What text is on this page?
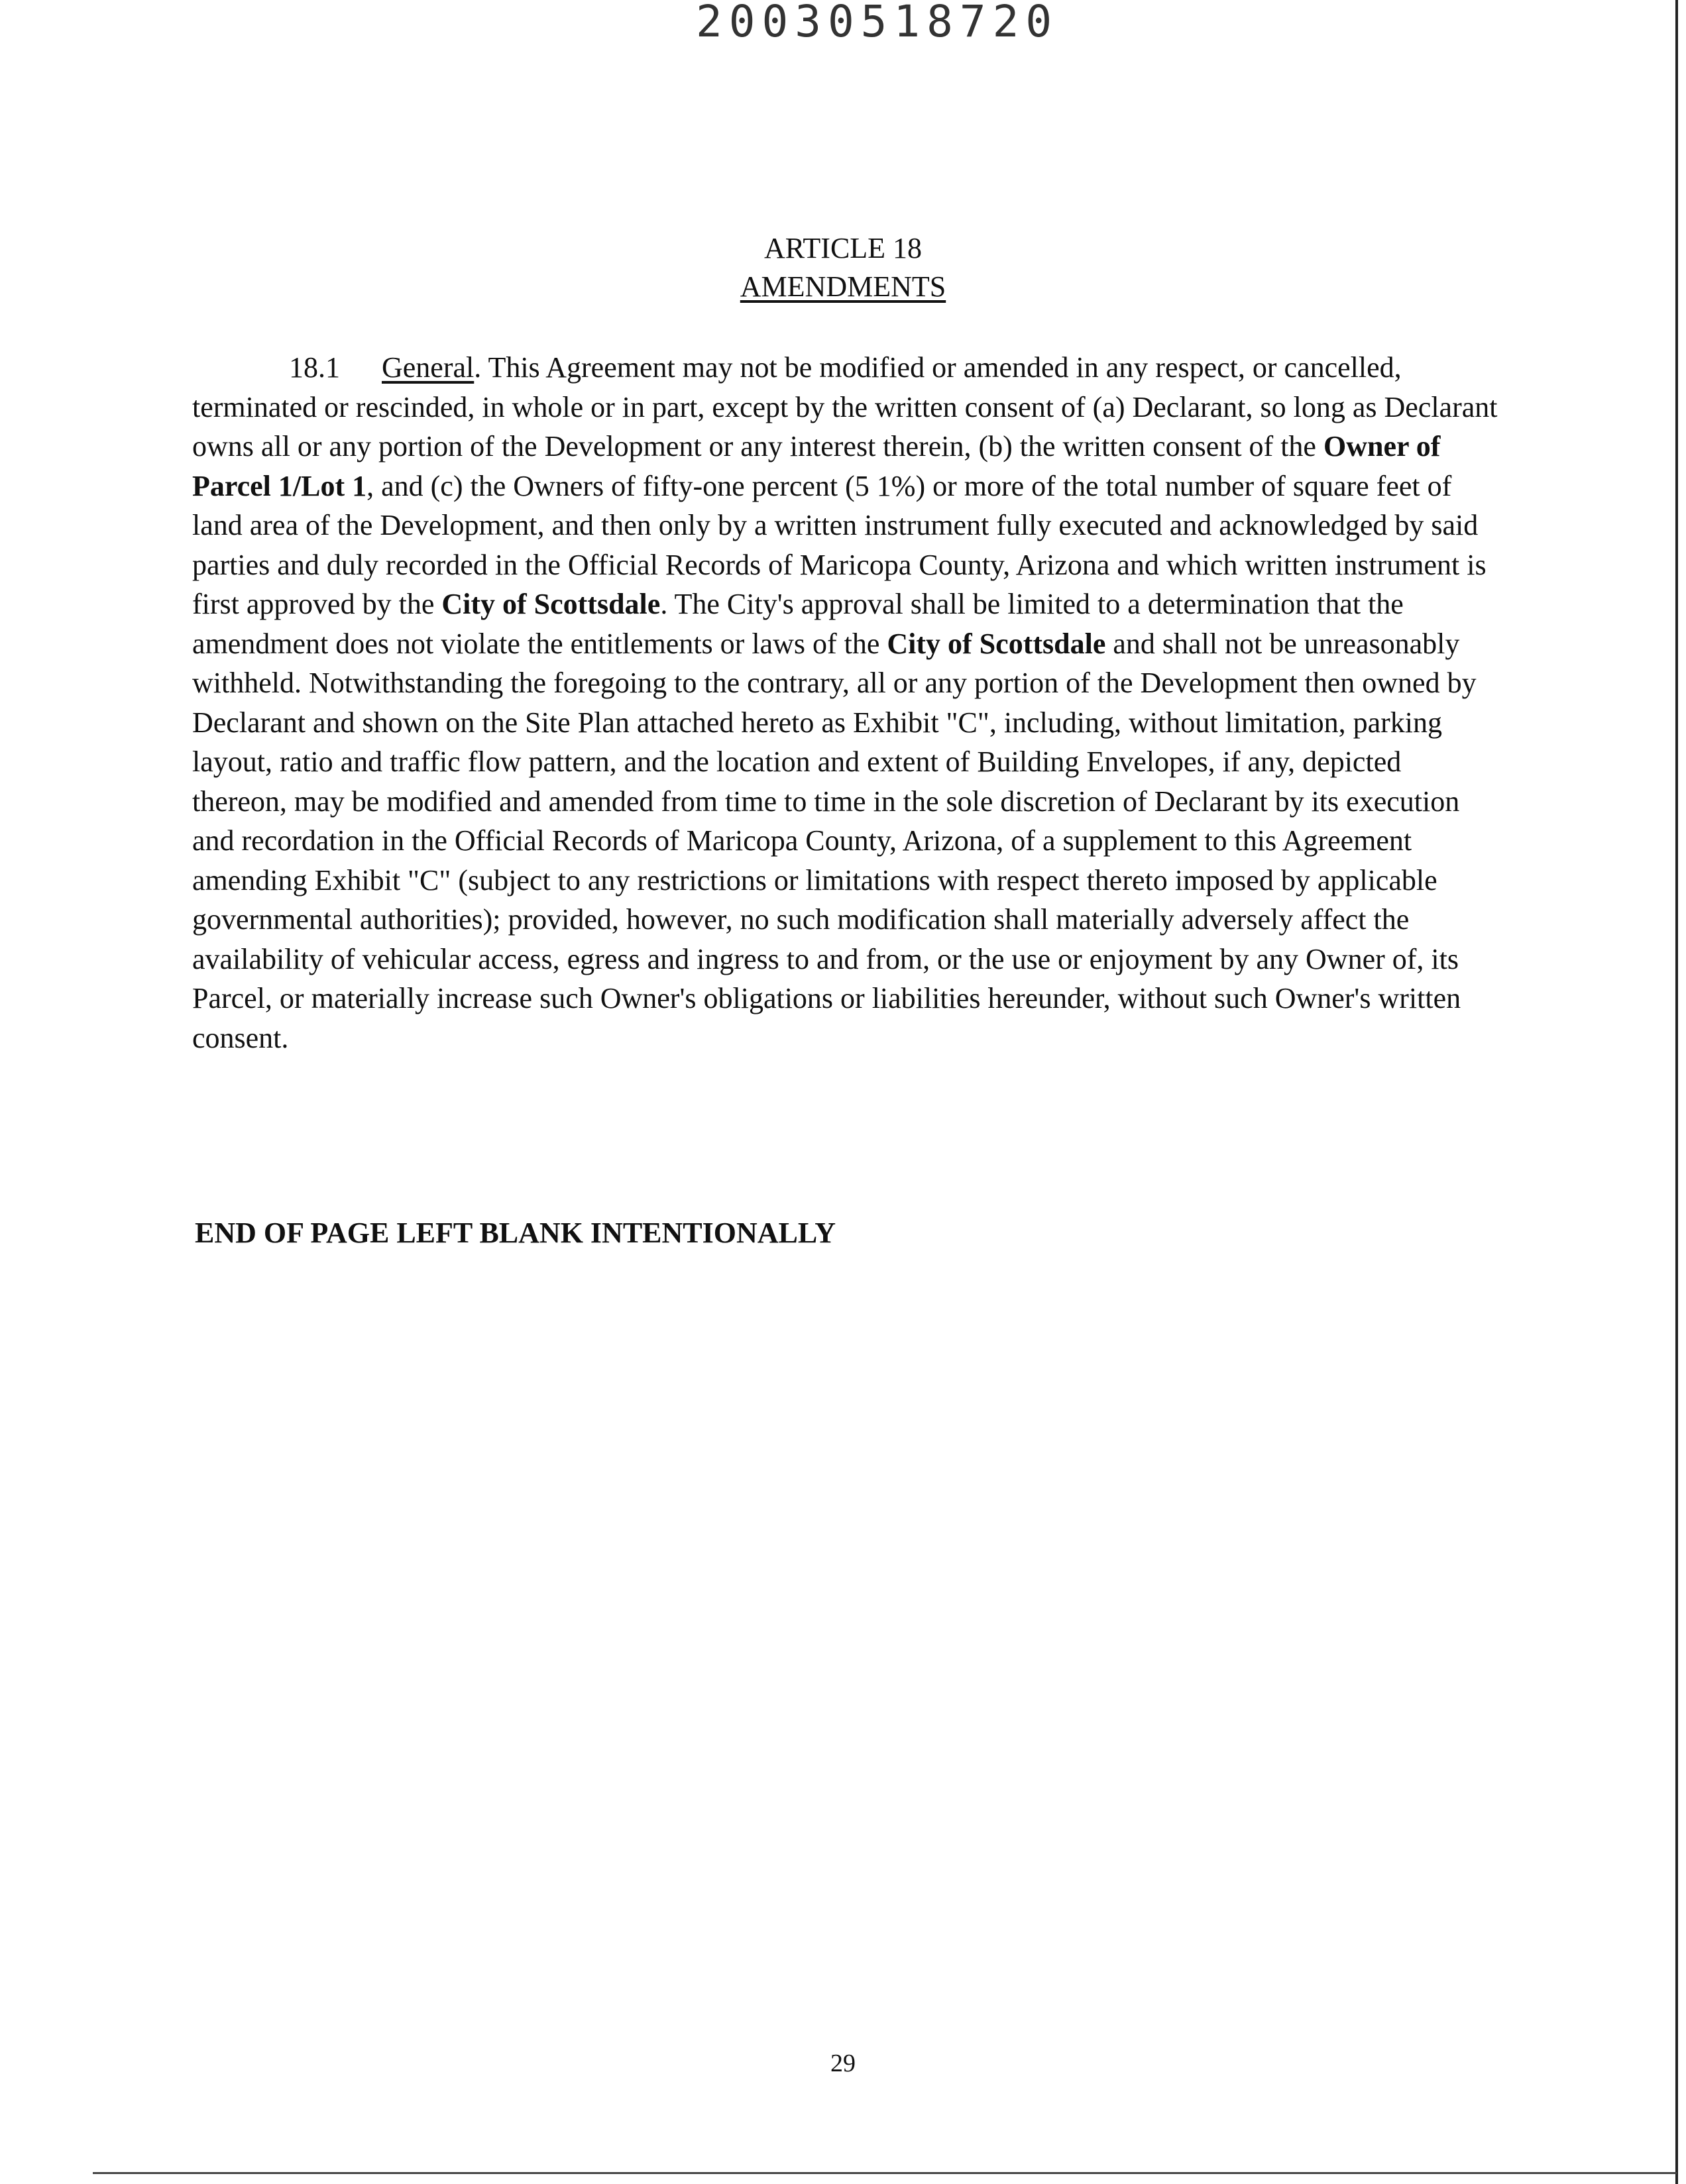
20030518720
ARTICLE 18
AMENDMENTS
18.1 General. This Agreement may not be modified or amended in any respect, or cancelled, terminated or rescinded, in whole or in part, except by the written consent of (a) Declarant, so long as Declarant owns all or any portion of the Development or any interest therein, (b) the written consent of the Owner of Parcel 1/Lot 1, and (c) the Owners of fifty-one percent (5 1%) or more of the total number of square feet of land area of the Development, and then only by a written instrument fully executed and acknowledged by said parties and duly recorded in the Official Records of Maricopa County, Arizona and which written instrument is first approved by the City of Scottsdale. The City's approval shall be limited to a determination that the amendment does not violate the entitlements or laws of the City of Scottsdale and shall not be unreasonably withheld. Notwithstanding the foregoing to the contrary, all or any portion of the Development then owned by Declarant and shown on the Site Plan attached hereto as Exhibit "C", including, without limitation, parking layout, ratio and traffic flow pattern, and the location and extent of Building Envelopes, if any, depicted thereon, may be modified and amended from time to time in the sole discretion of Declarant by its execution and recordation in the Official Records of Maricopa County, Arizona, of a supplement to this Agreement amending Exhibit "C" (subject to any restrictions or limitations with respect thereto imposed by applicable governmental authorities); provided, however, no such modification shall materially adversely affect the availability of vehicular access, egress and ingress to and from, or the use or enjoyment by any Owner of, its Parcel, or materially increase such Owner's obligations or liabilities hereunder, without such Owner's written consent.
END OF PAGE LEFT BLANK INTENTIONALLY
29
